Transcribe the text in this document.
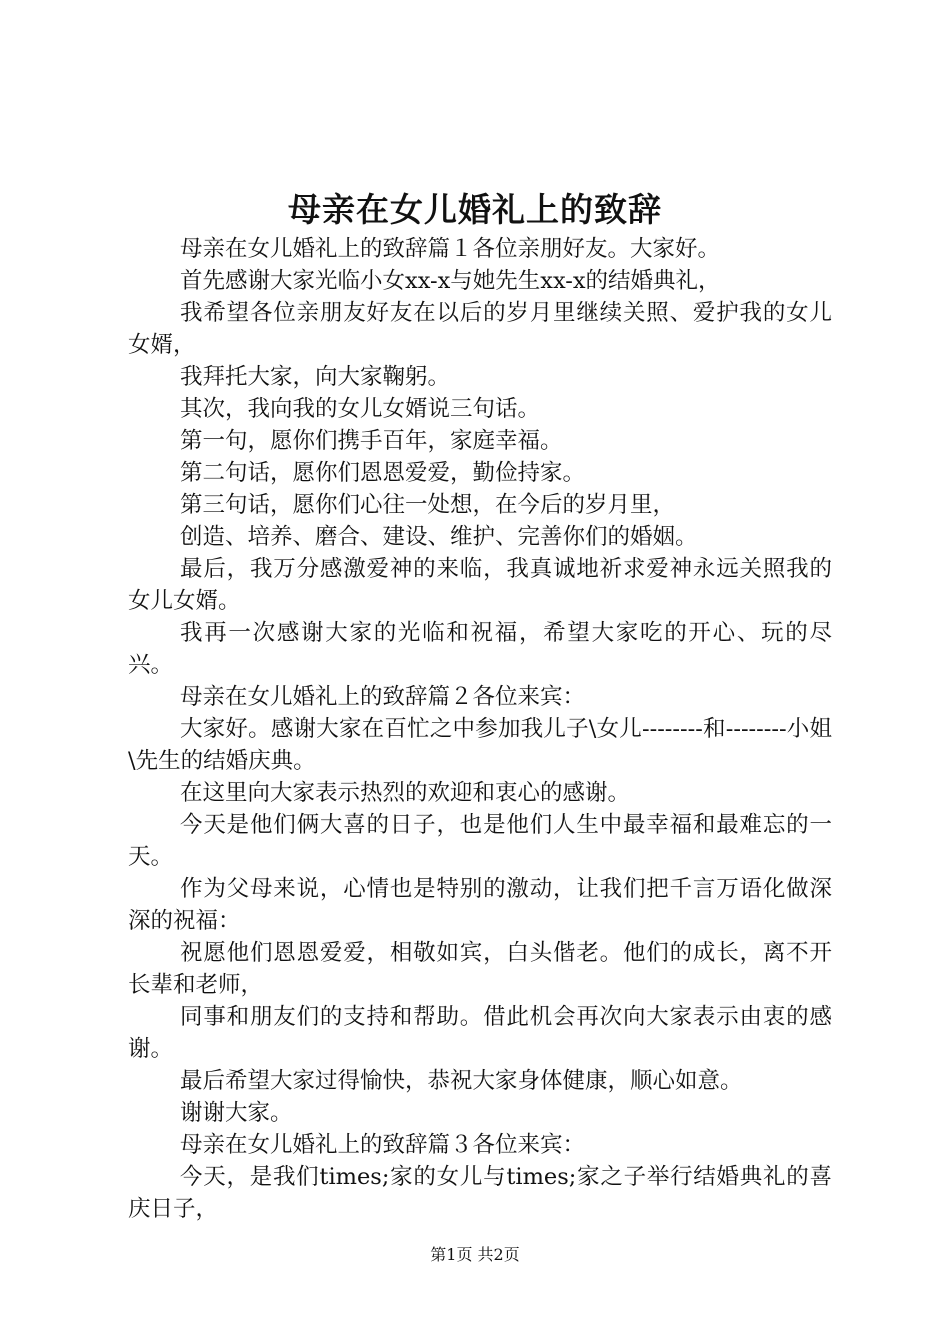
母亲在女儿婚礼上的致辞

母亲在女儿婚礼上的致辞篇１各位亲朋好友。大家好。

首先感谢大家光临小女xx-x与她先生xx-x的结婚典礼，

我希望各位亲朋友好友在以后的岁月里继续关照、爱护我的女儿女婿，

我拜托大家，向大家鞠躬。

其次，我向我的女儿女婿说三句话。

第一句，愿你们携手百年，家庭幸福。

第二句话，愿你们恩恩爱爱，勤俭持家。

第三句话，愿你们心往一处想，在今后的岁月里，

创造、培养、磨合、建设、维护、完善你们的婚姻。

最后，我万分感激爱神的来临，我真诚地祈求爱神永远关照我的女儿女婿。

我再一次感谢大家的光临和祝福，希望大家吃的开心、玩的尽兴。

母亲在女儿婚礼上的致辞篇２各位来宾：

大家好。感谢大家在百忙之中参加我儿子\女儿--------和--------小姐\先生的结婚庆典。

在这里向大家表示热烈的欢迎和衷心的感谢。

今天是他们俩大喜的日子，也是他们人生中最幸福和最难忘的一天。

作为父母来说，心情也是特别的激动，让我们把千言万语化做深深的祝福：

祝愿他们恩恩爱爱，相敬如宾，白头偕老。他们的成长，离不开长辈和老师，

同事和朋友们的支持和帮助。借此机会再次向大家表示由衷的感谢。

最后希望大家过得愉快，恭祝大家身体健康，顺心如意。

谢谢大家。

母亲在女儿婚礼上的致辞篇３各位来宾：

今天，是我们times;家的女儿与times;家之子举行结婚典礼的喜庆日子，

第1页 共2页
